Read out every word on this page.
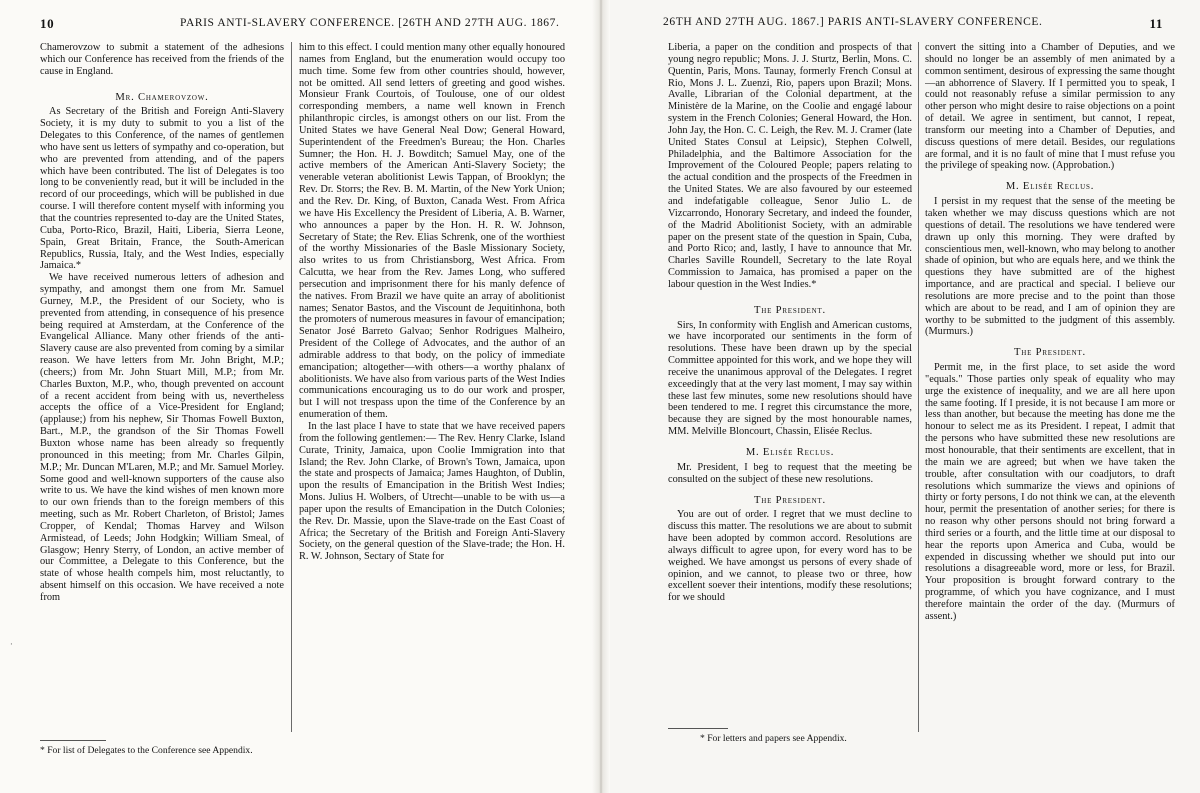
10	PARIS ANTI-SLAVERY CONFERENCE. [26TH AND 27TH AUG. 1867.

Chamerovzow to submit a statement of the adhesions which our Conference has received from the friends of the cause in England.

Mr. Chamerovzow.

As Secretary of the British and Foreign Anti-Slavery Society, it is my duty to submit to you a list of the Delegates to this Conference, of the names of gentlemen who have sent us letters of sympathy and co-operation, but who are prevented from attending, and of the papers which have been contributed. The list of Delegates is too long to be conveniently read, but it will be included in the record of our proceedings, which will be published in due course. I will therefore content myself with informing you that the countries represented to-day are the United States, Cuba, Porto-Rico, Brazil, Haiti, Liberia, Sierra Leone, Spain, Great Britain, France, the South-American Republics, Russia, Italy, and the West Indies, especially Jamaica.*

We have received numerous letters of adhesion and sympathy, and amongst them one from Mr. Samuel Gurney, M.P., the President of our Society, who is prevented from attending, in consequence of his presence being required at Amsterdam, at the Conference of the Evangelical Alliance. Many other friends of the anti-Slavery cause are also prevented from coming by a similar reason. We have letters from Mr. John Bright, M.P.; (cheers;) from Mr. John Stuart Mill, M.P.; from Mr. Charles Buxton, M.P., who, though prevented on account of a recent accident from being with us, nevertheless accepts the office of a Vice-President for England; (applause;) from his nephew, Sir Thomas Fowell Buxton, Bart., M.P., the grandson of the Sir Thomas Fowell Buxton whose name has been already so frequently pronounced in this meeting; from Mr. Charles Gilpin, M.P.; Mr. Duncan M'Laren, M.P.; and Mr. Samuel Morley. Some good and well-known supporters of the cause also write to us. We have the kind wishes of men known more to our own friends than to the foreign members of this meeting, such as Mr. Robert Charleton, of Bristol; James Cropper, of Kendal; Thomas Harvey and Wilson Armistead, of Leeds; John Hodgkin; William Smeal, of Glasgow; Henry Sterry, of London, an active member of our Committee, a Delegate to this Conference, but the state of whose health compels him, most reluctantly, to absent himself on this occasion. We have received a note from

him to this effect. I could mention many other equally honoured names from England, but the enumeration would occupy too much time. Some few from other countries should, however, not be omitted. All send letters of greeting and good wishes. Monsieur Frank Courtois, of Toulouse, one of our oldest corresponding members, a name well known in French philanthropic circles, is amongst others on our list. From the United States we have General Neal Dow; General Howard, Superintendent of the Freedmen's Bureau; the Hon. Charles Sumner; the Hon. H. J. Bowditch; Samuel May, one of the active members of the American Anti-Slavery Society; the venerable veteran abolitionist Lewis Tappan, of Brooklyn; the Rev. Dr. Storrs; the Rev. B. M. Martin, of the New York Union; and the Rev. Dr. King, of Buxton, Canada West. From Africa we have His Excellency the President of Liberia, A. B. Warner, who announces a paper by the Hon. H. R. W. Johnson, Secretary of State; the Rev. Elias Schrenk, one of the worthiest of the worthy Missionaries of the Basle Missionary Society, also writes to us from Christiansborg, West Africa. From Calcutta, we hear from the Rev. James Long, who suffered persecution and imprisonment there for his manly defence of the natives. From Brazil we have quite an array of abolitionist names; Senator Bastos, and the Viscount de Jequitinhona, both the promoters of numerous measures in favour of emancipation; Senator José Barreto Galvao; Senhor Rodrigues Malheiro, President of the College of Advocates, and the author of an admirable address to that body, on the policy of immediate emancipation; altogether—with others—a worthy phalanx of abolitionists. We have also from various parts of the West Indies communications encouraging us to do our work and prosper, but I will not trespass upon the time of the Conference by an enumeration of them.

In the last place I have to state that we have received papers from the following gentlemen:— The Rev. Henry Clarke, Island Curate, Trinity, Jamaica, upon Coolie Immigration into that Island; the Rev. John Clarke, of Brown's Town, Jamaica, upon the state and prospects of Jamaica; James Haughton, of Dublin, upon the results of Emancipation in the British West Indies; Mons. Julius H. Wolbers, of Utrecht—unable to be with us—a paper upon the results of Emancipation in the Dutch Colonies; the Rev. Dr. Massie, upon the Slave-trade on the East Coast of Africa; the Secretary of the British and Foreign Anti-Slavery Society, on the general question of the Slave-trade; the Hon. H. R. W. Johnson, Sectary of State for

* For list of Delegates to the Conference see Appendix.
·
26TH AND 27TH AUG. 1867.] PARIS ANTI-SLAVERY CONFERENCE.	11

Liberia, a paper on the condition and prospects of that young negro republic; Mons. J. J. Sturtz, Berlin, Mons. C. Quentin, Paris, Mons. Taunay, formerly French Consul at Rio, Mons J. L. Zuenzi, Rio, papers upon Brazil; Mons. Avalle, Librarian of the Colonial department, at the Ministère de la Marine, on the Coolie and engagé labour system in the French Colonies; General Howard, the Hon. John Jay, the Hon. C. C. Leigh, the Rev. M. J. Cramer (late United States Consul at Leipsic), Stephen Colwell, Philadelphia, and the Baltimore Association for the Improvement of the Coloured People; papers relating to the actual condition and the prospects of the Freedmen in the United States. We are also favoured by our esteemed and indefatigable colleague, Senor Julio L. de Vizcarrondo, Honorary Secretary, and indeed the founder, of the Madrid Abolitionist Society, with an admirable paper on the present state of the question in Spain, Cuba, and Porto Rico; and, lastly, I have to announce that Mr. Charles Saville Roundell, Secretary to the late Royal Commission to Jamaica, has promised a paper on the labour question in the West Indies.*

The President.

Sirs, In conformity with English and American customs, we have incorporated our sentiments in the form of resolutions. These have been drawn up by the special Committee appointed for this work, and we hope they will receive the unanimous approval of the Delegates. I regret exceedingly that at the very last moment, I may say within these last few minutes, some new resolutions should have been tendered to me. I regret this circumstance the more, because they are signed by the most honourable names, MM. Melville Bloncourt, Chassin, Elisée Reclus.

M. Elisée Reclus.

Mr. President, I beg to request that the meeting be consulted on the subject of these new resolutions.

The President.

You are out of order. I regret that we must decline to discuss this matter. The resolutions we are about to submit have been adopted by common accord. Resolutions are always difficult to agree upon, for every word has to be weighed. We have amongst us persons of every shade of opinion, and we cannot, to please two or three, how excellent soever their intentions, modify these resolutions; for we should

convert the sitting into a Chamber of Deputies, and we should no longer be an assembly of men animated by a common sentiment, desirous of expressing the same thought—an abhorrence of Slavery. If I permitted you to speak, I could not reasonably refuse a similar permission to any other person who might desire to raise objections on a point of detail. We agree in sentiment, but cannot, I repeat, transform our meeting into a Chamber of Deputies, and discuss questions of mere detail. Besides, our regulations are formal, and it is no fault of mine that I must refuse you the privilege of speaking now. (Approbation.)

M. Elisée Reclus.

I persist in my request that the sense of the meeting be taken whether we may discuss questions which are not questions of detail. The resolutions we have tendered were drawn up only this morning. They were drafted by conscientious men, well-known, who may belong to another shade of opinion, but who are equals here, and we think the questions they have submitted are of the highest importance, and are practical and special. I believe our resolutions are more precise and to the point than those which are about to be read, and I am of opinion they are worthy to be submitted to the judgment of this assembly. (Murmurs.)

The President.

Permit me, in the first place, to set aside the word "equals." Those parties only speak of equality who may urge the existence of inequality, and we are all here upon the same footing. If I preside, it is not because I am more or less than another, but because the meeting has done me the honour to select me as its President. I repeat, I admit that the persons who have submitted these new resolutions are most honourable, that their sentiments are excellent, that in the main we are agreed; but when we have taken the trouble, after consultation with our coadjutors, to draft resolutions which summarize the views and opinions of thirty or forty persons, I do not think we can, at the eleventh hour, permit the presentation of another series; for there is no reason why other persons should not bring forward a third series or a fourth, and the little time at our disposal to hear the reports upon America and Cuba, would be expended in discussing whether we should put into our resolutions a disagreeable word, more or less, for Brazil. Your proposition is brought forward contrary to the programme, of which you have cognizance, and I must therefore maintain the order of the day. (Murmurs of assent.)

* For letters and papers see Appendix.
